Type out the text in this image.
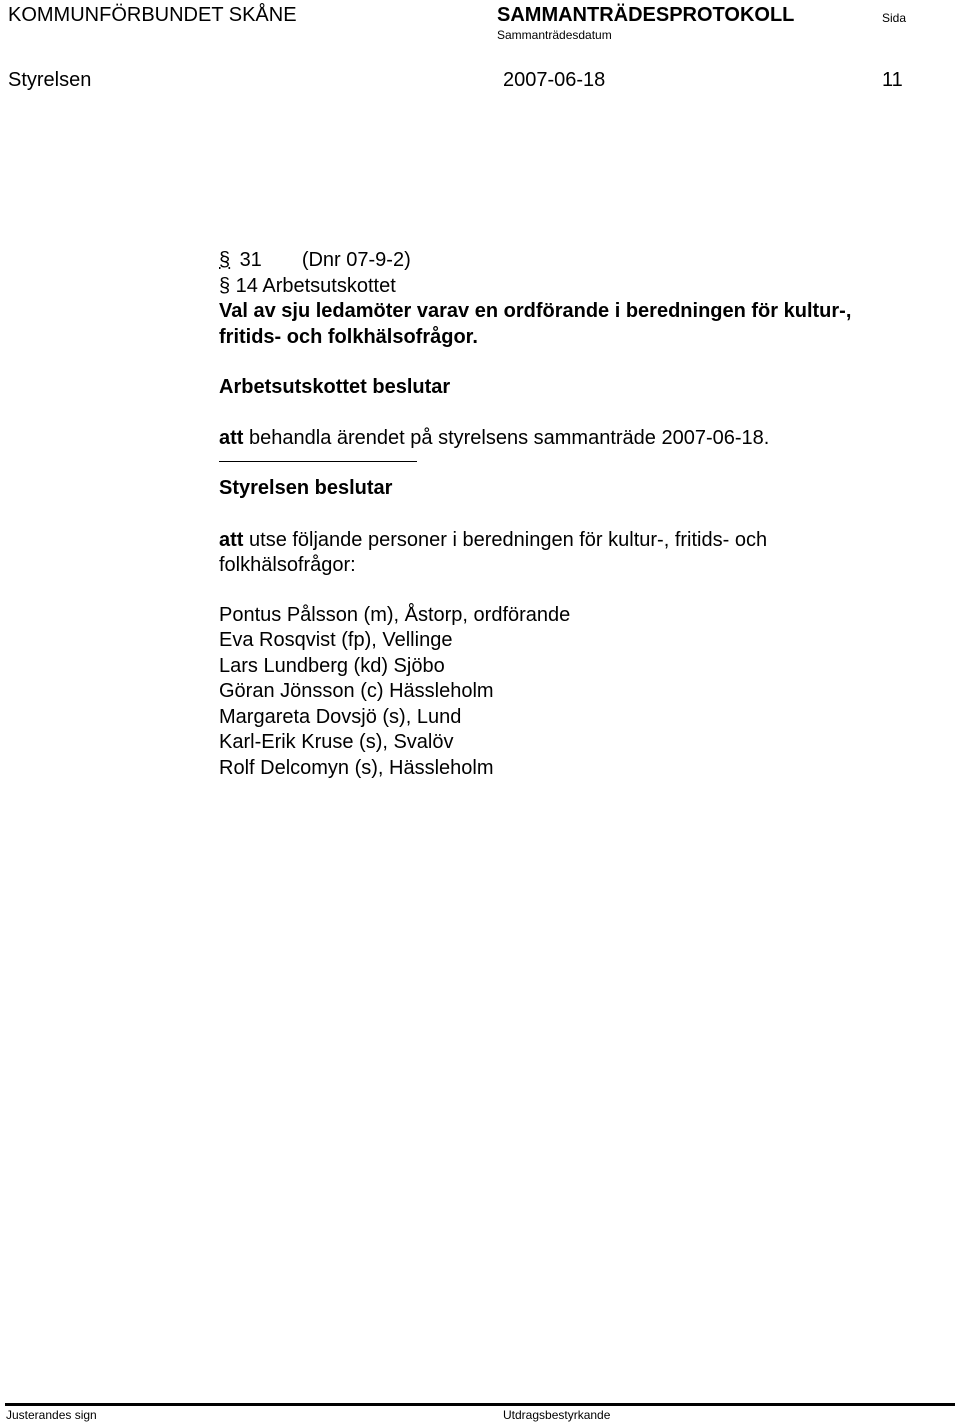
KOMMUNFÖRBUNDET SKÅNE	SAMMANTRÄDESPROTOKOLL	Sida
Sammanträdesdatum
Styrelsen	2007-06-18	11

§ 31 (Dnr 07-9-2)

§ 14 Arbetsutskottet

Val av sju ledamöter varav en ordförande i beredningen för kultur-,

fritids- och folkhälsofrågor.

Arbetsutskottet beslutar

att behandla ärendet på styrelsens sammanträde 2007-06-18.

Styrelsen beslutar

att utse följande personer i beredningen för kultur-, fritids- och

folkhälsofrågor:

Pontus Pålsson (m), Åstorp, ordförande

Eva Rosqvist (fp), Vellinge

Lars Lundberg (kd) Sjöbo

Göran Jönsson (c) Hässleholm

Margareta Dovsjö (s), Lund

Karl-Erik Kruse (s), Svalöv

Rolf Delcomyn (s), Hässleholm

Justerandes sign	Utdragsbestyrkande
